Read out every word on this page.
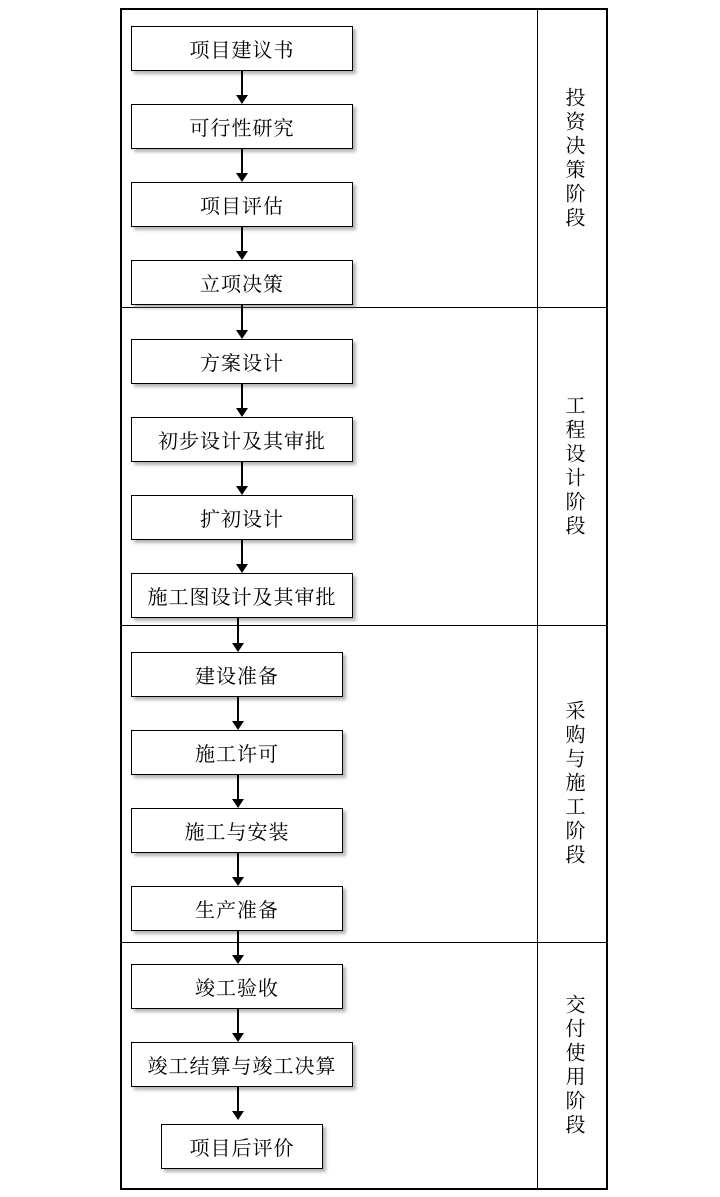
项目建议书
可行性研究
项目评估
立项决策
方案设计
初步设计及其审批
扩初设计
施工图设计及其审批
建设准备
施工许可
施工与安装
生产准备
竣工验收
竣工结算与竣工决算
项目后评价
投资决策阶段
工程设计阶段
采购与施工阶段
交付使用阶段
